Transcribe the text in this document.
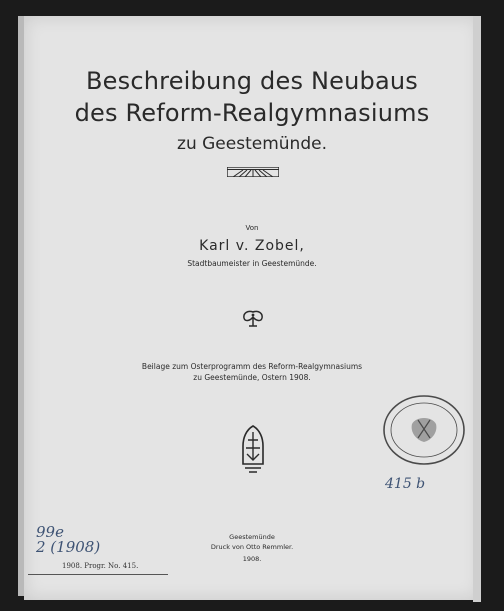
Beschreibung des Neubaus
des Reform-Realgymnasiums
zu Geestemünde.
Von
Karl v. Zobel,
Stadtbaumeister in Geestemünde.
Beilage zum Osterprogramm des Reform-Realgymnasiums
zu Geestemünde, Ostern 1908.
Geestemünde
Druck von Otto Remmler.
1908.
1908. Progr. No. 415.
99e
2 (1908)
415 b
